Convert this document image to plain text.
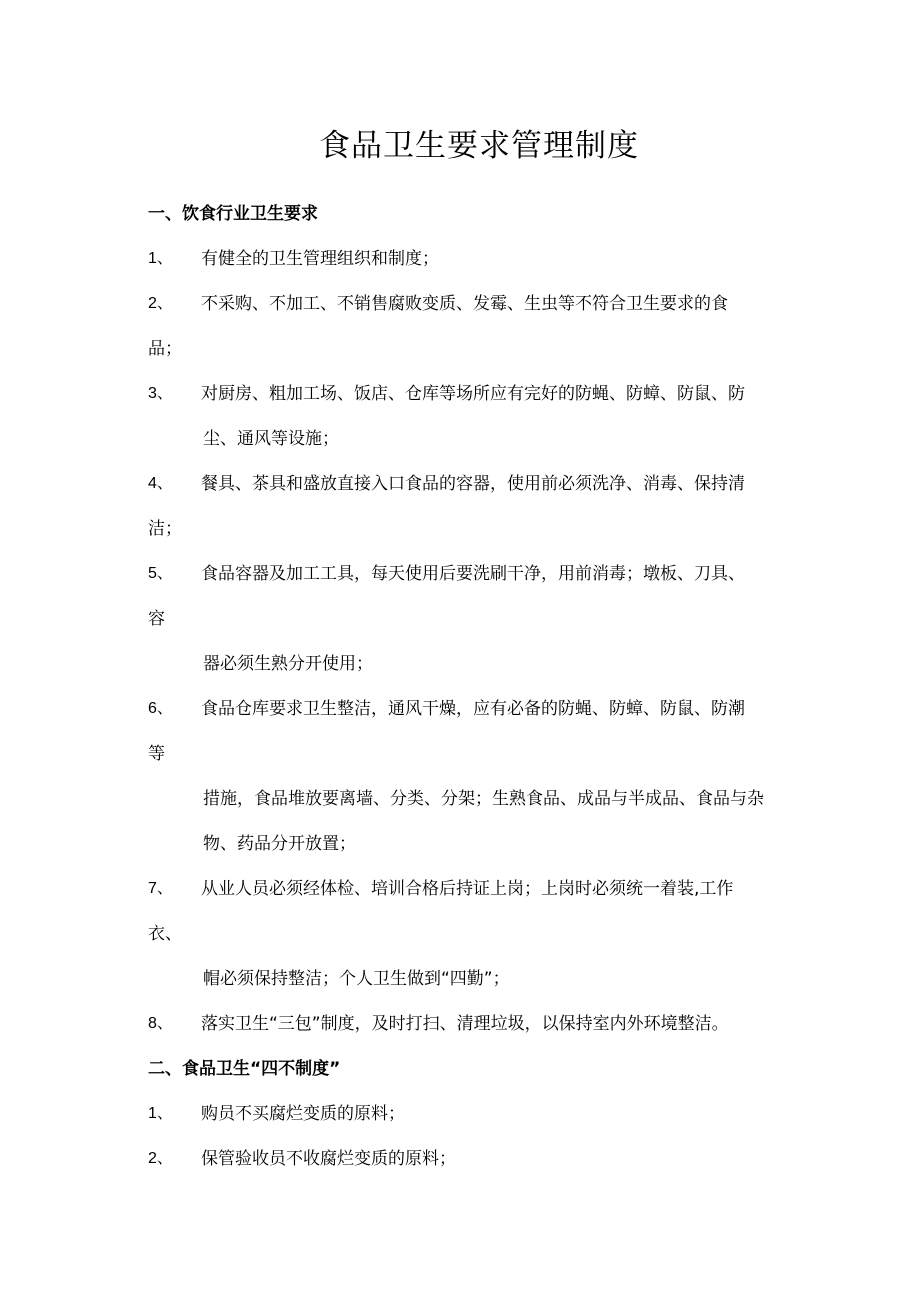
食品卫生要求管理制度
一、饮食行业卫生要求
1、 有健全的卫生管理组织和制度；
2、 不采购、不加工、不销售腐败变质、发霉、生虫等不符合卫生要求的食
品；
3、 对厨房、粗加工场、饭店、仓库等场所应有完好的防蝇、防蟑、防鼠、防
尘、通风等设施；
4、 餐具、茶具和盛放直接入口食品的容器，使用前必须洗净、消毒、保持清
洁；
5、 食品容器及加工工具，每天使用后要洗刷干净，用前消毒；墩板、刀具、
容
器必须生熟分开使用；
6、 食品仓库要求卫生整洁，通风干燥，应有必备的防蝇、防蟑、防鼠、防潮
等
措施，食品堆放要离墙、分类、分架；生熟食品、成品与半成品、食品与杂
物、药品分开放置；
7、 从业人员必须经体检、培训合格后持证上岗；上岗时必须统一着装,工作
衣、
帽必须保持整洁；个人卫生做到“四勤”；
8、 落实卫生“三包”制度，及时打扫、清理垃圾，以保持室内外环境整洁。
二、食品卫生“四不制度”
1、 购员不买腐烂变质的原料；
2、 保管验收员不收腐烂变质的原料；
